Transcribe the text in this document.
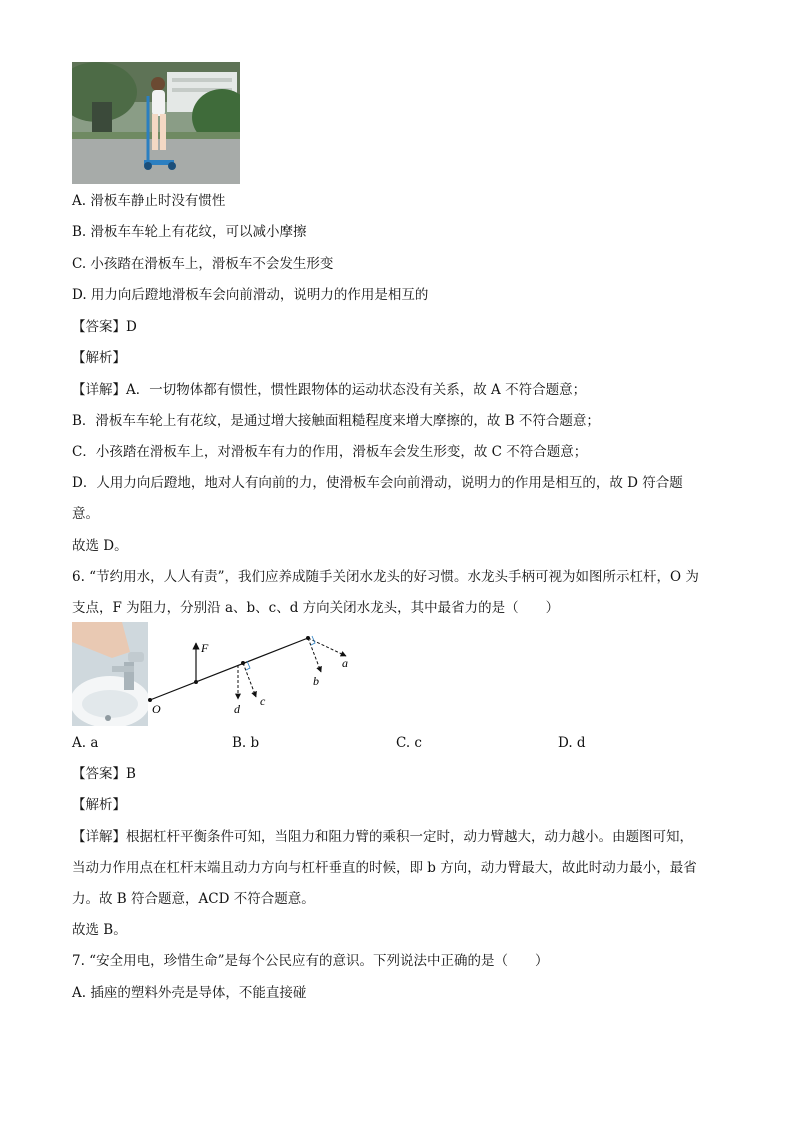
A. 滑板车静止时没有惯性
B. 滑板车车轮上有花纹，可以减小摩擦
C. 小孩踏在滑板车上，滑板车不会发生形变
D. 用力向后蹬地滑板车会向前滑动，说明力的作用是相互的
【答案】D
【解析】
【详解】A．一切物体都有惯性，惯性跟物体的运动状态没有关系，故 A 不符合题意；
B．滑板车车轮上有花纹，是通过增大接触面粗糙程度来增大摩擦的，故 B 不符合题意；
C．小孩踏在滑板车上，对滑板车有力的作用，滑板车会发生形变，故 C 不符合题意；
D．人用力向后蹬地，地对人有向前的力，使滑板车会向前滑动，说明力的作用是相互的，故 D 符合题
意。
故选 D。
6. “节约用水，人人有责”，我们应养成随手关闭水龙头的好习惯。水龙头手柄可视为如图所示杠杆，O 为
支点，F 为阻力，分别沿 a、b、c、d 方向关闭水龙头，其中最省力的是（　　）
O
F
a
b
c
d
A. a	B. b	C. c	D. d
【答案】B
【解析】
【详解】根据杠杆平衡条件可知，当阻力和阻力臂的乘积一定时，动力臂越大，动力越小。由题图可知，
当动力作用点在杠杆末端且动力方向与杠杆垂直的时候，即 b 方向，动力臂最大，故此时动力最小，最省
力。故 B 符合题意，ACD 不符合题意。
故选 B。
7. “安全用电，珍惜生命”是每个公民应有的意识。下列说法中正确的是（　　）
A. 插座的塑料外壳是导体，不能直接碰
